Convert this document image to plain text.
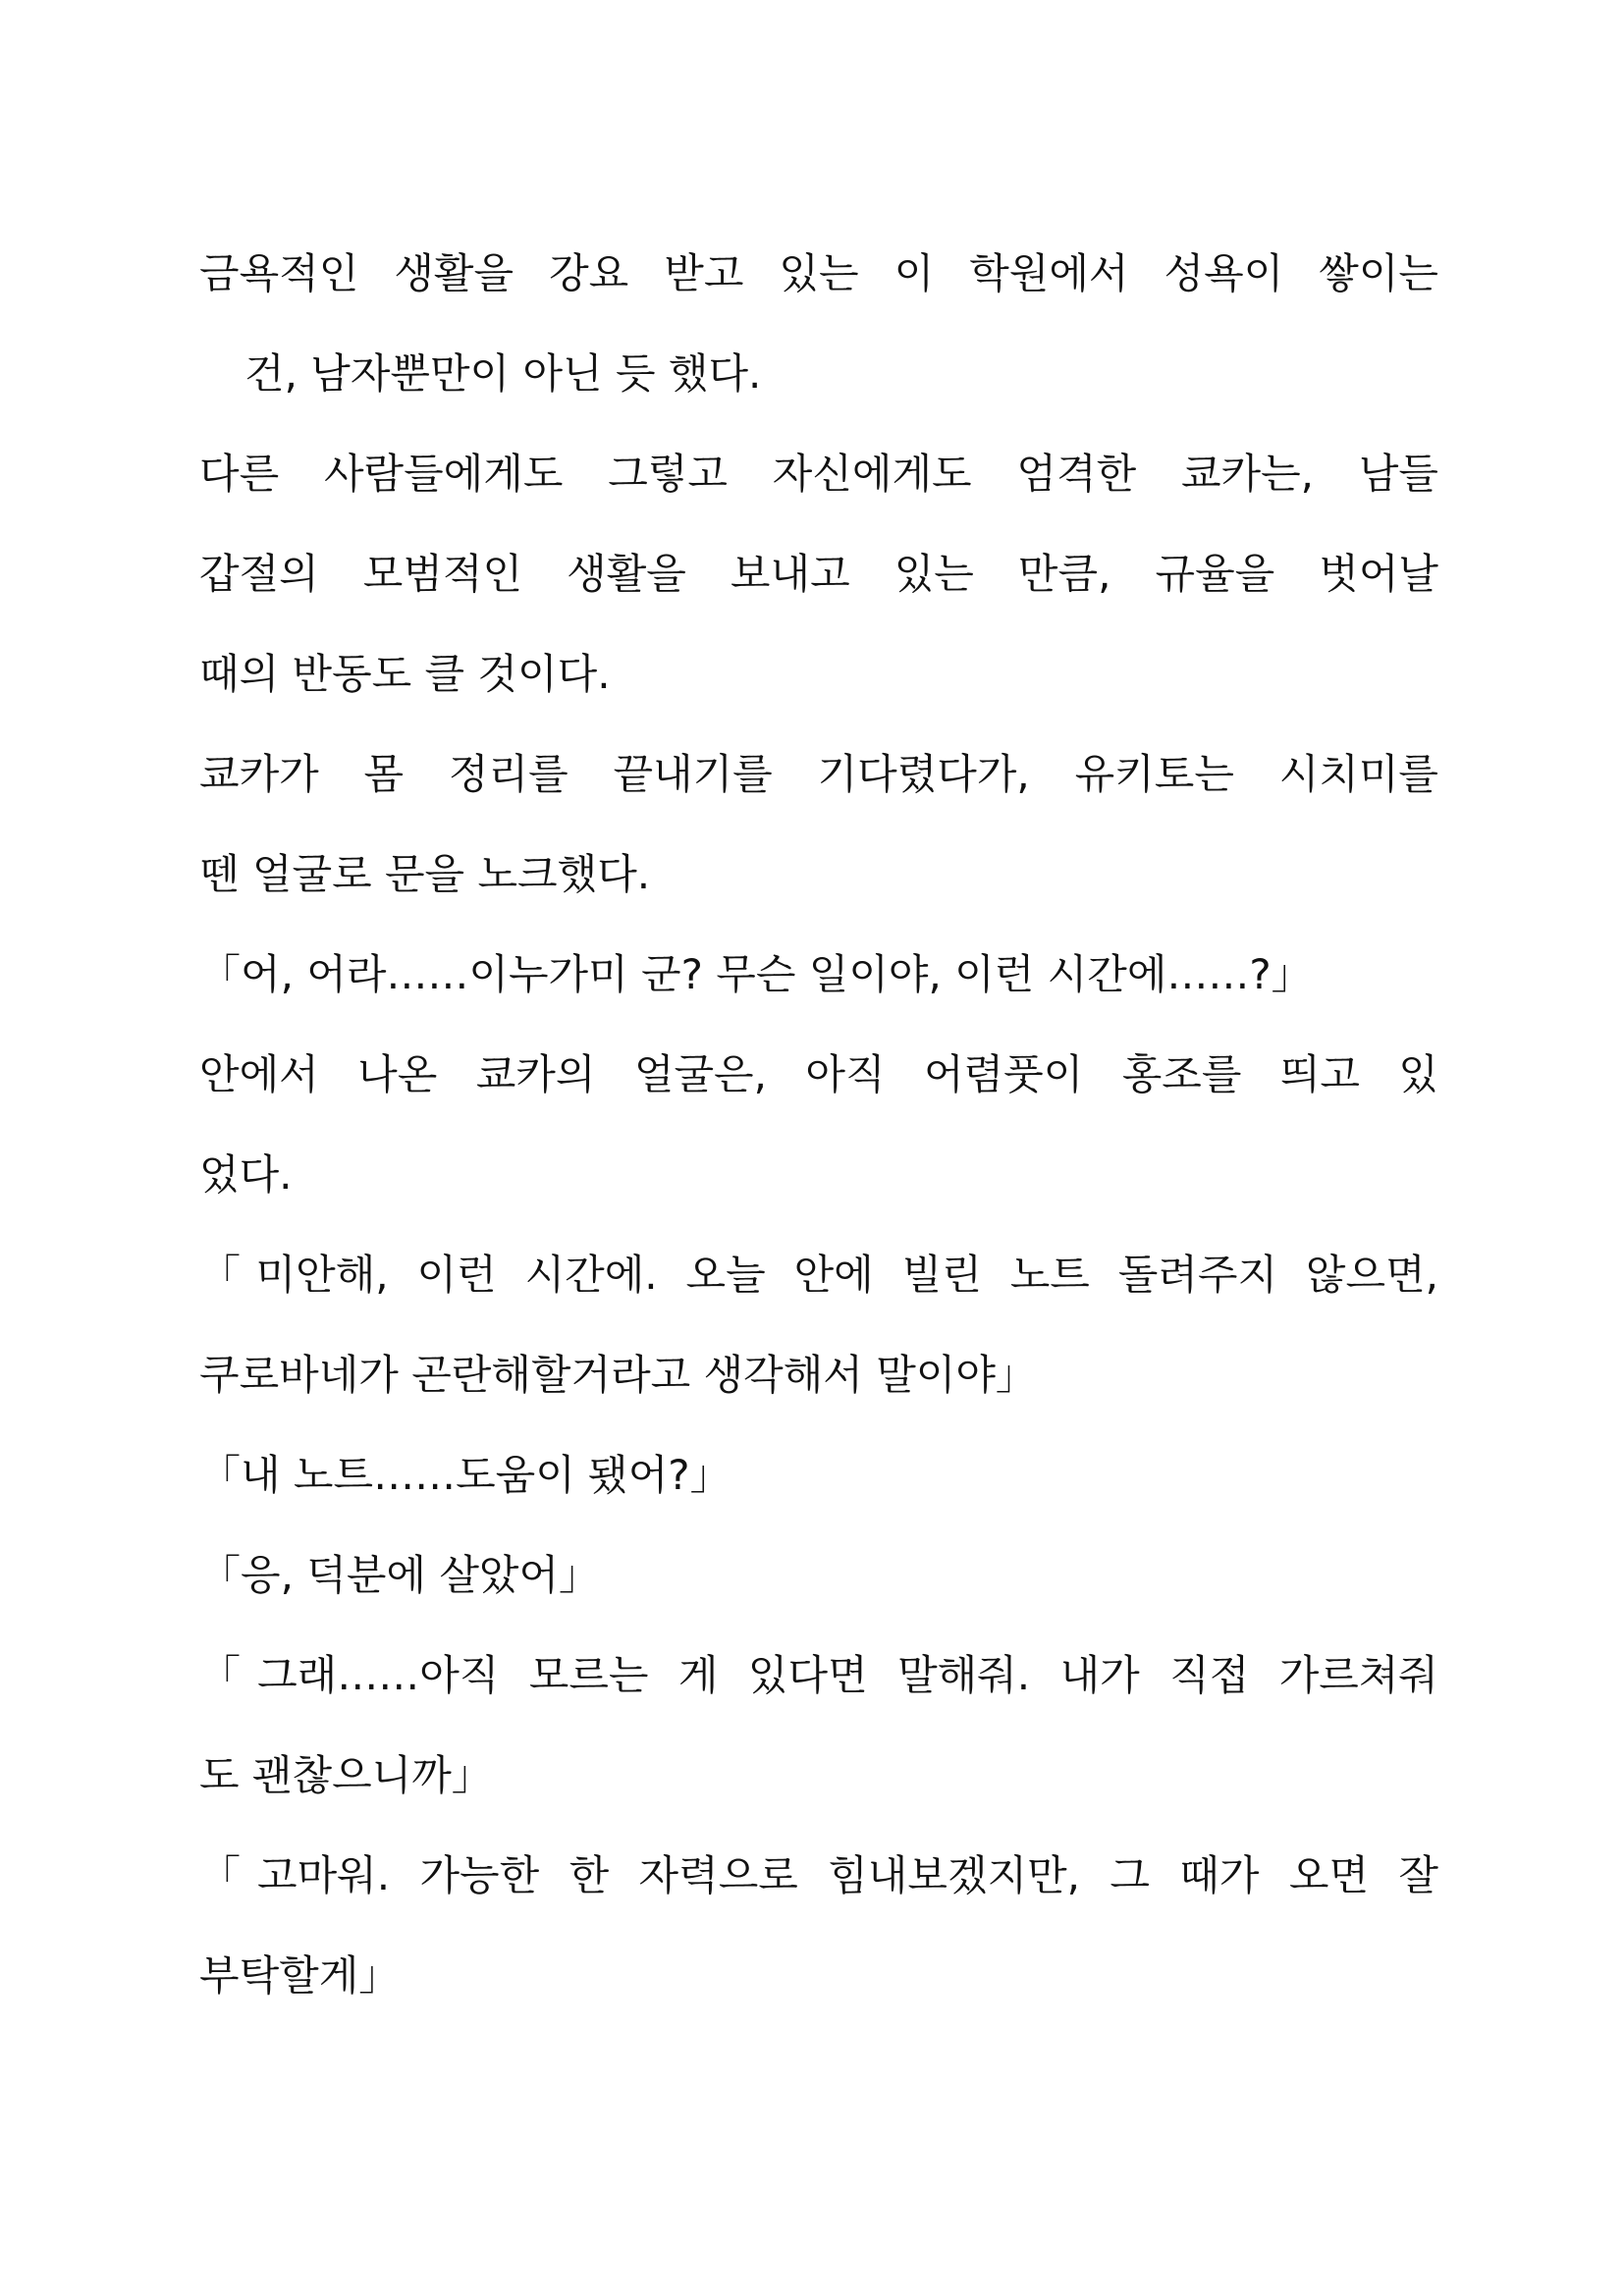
금욕적인 생활을 강요 받고 있는 이 학원에서 성욕이 쌓이는
건, 남자뿐만이 아닌 듯 했다.

다른 사람들에게도 그렇고 자신에게도 엄격한 쿄카는, 남들
갑절의 모범적인 생활을 보내고 있는 만큼, 규율을 벗어날
때의 반동도 클 것이다.

쿄카가 몸 정리를 끝내기를 기다렸다가, 유키토는 시치미를
뗀 얼굴로 문을 노크했다.

「어, 어라……이누가미 군? 무슨 일이야, 이런 시간에……?」

안에서 나온 쿄카의 얼굴은, 아직 어렴풋이 홍조를 띄고 있
었다.

「미안해, 이런 시간에. 오늘 안에 빌린 노트 돌려주지 않으면,
쿠로바네가 곤란해할거라고 생각해서 말이야」

「내 노트……도움이 됐어?」

「응, 덕분에 살았어」

「그래……아직 모르는 게 있다면 말해줘. 내가 직접 가르쳐줘
도 괜찮으니까」

「고마워. 가능한 한 자력으로 힘내보겠지만, 그 때가 오면 잘
부탁할게」
